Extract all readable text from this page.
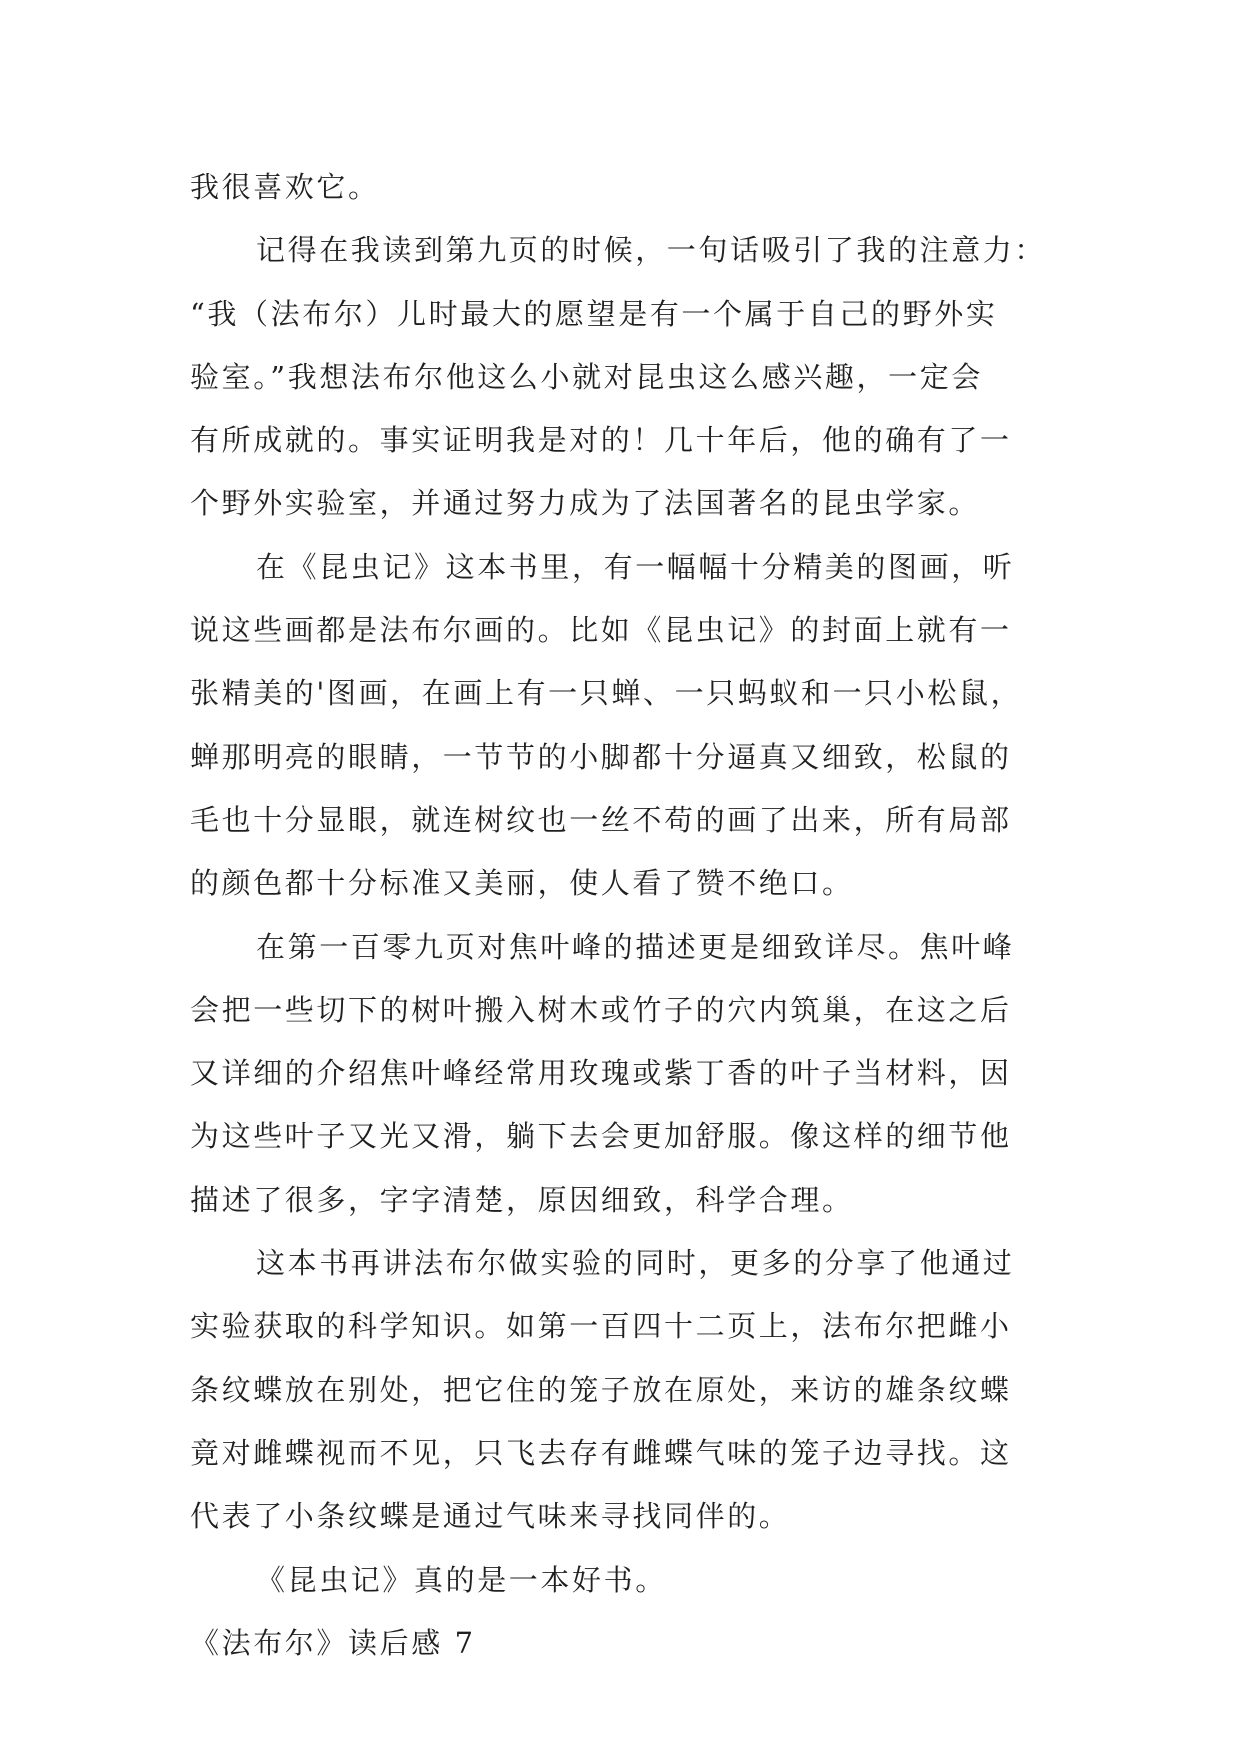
我很喜欢它。
记得在我读到第九页的时候，一句话吸引了我的注意力：
“我（法布尔）儿时最大的愿望是有一个属于自己的野外实
验室。”我想法布尔他这么小就对昆虫这么感兴趣，一定会
有所成就的。事实证明我是对的！几十年后，他的确有了一
个野外实验室，并通过努力成为了法国著名的昆虫学家。
在《昆虫记》这本书里，有一幅幅十分精美的图画，听
说这些画都是法布尔画的。比如《昆虫记》的封面上就有一
张精美的'图画，在画上有一只蝉、一只蚂蚁和一只小松鼠，
蝉那明亮的眼睛，一节节的小脚都十分逼真又细致，松鼠的
毛也十分显眼，就连树纹也一丝不苟的画了出来，所有局部
的颜色都十分标准又美丽，使人看了赞不绝口。
在第一百零九页对焦叶峰的描述更是细致详尽。焦叶峰
会把一些切下的树叶搬入树木或竹子的穴内筑巢，在这之后
又详细的介绍焦叶峰经常用玫瑰或紫丁香的叶子当材料，因
为这些叶子又光又滑，躺下去会更加舒服。像这样的细节他
描述了很多，字字清楚，原因细致，科学合理。
这本书再讲法布尔做实验的同时，更多的分享了他通过
实验获取的科学知识。如第一百四十二页上，法布尔把雌小
条纹蝶放在别处，把它住的笼子放在原处，来访的雄条纹蝶
竟对雌蝶视而不见，只飞去存有雌蝶气味的笼子边寻找。这
代表了小条纹蝶是通过气味来寻找同伴的。
《昆虫记》真的是一本好书。
《法布尔》读后感 7
